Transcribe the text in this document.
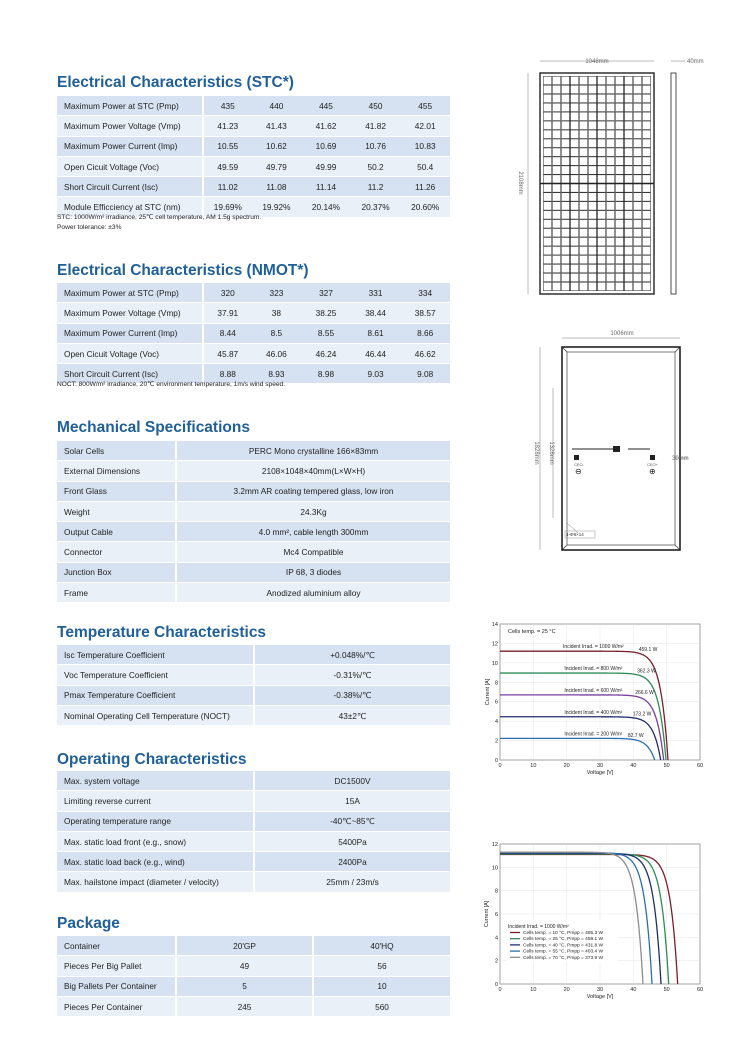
Electrical Characteristics (STC*)
Maximum Power at STC (Pmp)	435	440	445	450	455
Maximum Power Voltage (Vmp)	41.23	41.43	41.62	41.82	42.01
Maximum Power Current (Imp)	10.55	10.62	10.69	10.76	10.83
Open Cicuit Voltage (Voc)	49.59	49.79	49.99	50.2	50.4
Short Circuit Current (Isc)	11.02	11.08	11.14	11.2	11.26
Module Efficciency at STC (nm)	19.69%	19.92%	20.14%	20.37%	20.60%

STC: 1000W/m² irradiance, 25℃ cell temperature, AM 1.5g spectrum.

Power tolerance: ±3%

Electrical Characteristics (NMOT*)
Maximum Power at STC (Pmp)	320	323	327	331	334
Maximum Power Voltage (Vmp)	37.91	38	38.25	38.44	38.57
Maximum Power Current (Imp)	8.44	8.5	8.55	8.61	8.66
Open Cicuit Voltage (Voc)	45.87	46.06	46.24	46.44	46.62
Short Circuit Current (Isc)	8.88	8.93	8.98	9.03	9.08

NOCT: 800W/m² irradiance, 20℃ environment temperature, 1m/s wind speed.

Mechanical Specifications
Solar Cells	PERC Mono crystalline 166×83mm
External Dimensions	2108×1048×40mm(L×W×H)
Front Glass	3.2mm AR coating tempered glass, low iron
Weight	24.3Kg
Output Cable	4.0 mm², cable length 300mm
Connector	Mc4 Compatible
Junction Box	IP 68, 3 diodes
Frame	Anodized aluminium alloy
Temperature Characteristics
Isc Temperature Coefficient	+0.048%/℃
Voc Temperature Coefficient	-0.31%/℃
Pmax Temperature Coefficient	-0.38%/℃
Nominal Operating Cell Temperature (NOCT)	43±2℃
Operating Characteristics
Max. system voltage	DC1500V
Limiting reverse current	15A
Operating temperature range	-40℃~85℃
Max. static load front (e.g., snow)	5400Pa
Max. static load back (e.g., wind)	2400Pa
Max. hailstone impact (diameter / velocity)	25mm / 23m/s
Package
Container	20'GP	40'HQ
Pieces Per Big Pallet	49	56
Big Pallets Per Container	5	10
Pieces Per Container	245	560
1048mm	40mm
2108mm
1006mm
1828mm 1328mm	CEO-	CEO+
⊖	⊕
30mm
4-Φ8×14
0	10	20	30	40	50	60
0
2
4
6
8
10
12
14
Incident Irrad. = 1000 W/m²	459.1 W
Incident Irrad. = 800 W/m²	362.3 W
Incident Irrad. = 600 W/m²	266.6 W
Incident Irrad. = 400 W/m² 173.2 W
Incident Irrad. = 200 W/m² 82.7 W
Voltage [V]
Current [A]
Cells temp. = 25 °C
0	10	20	30	40	50	60
0
2
4
6
8
10
12
Incident Irrad. = 1000 W/m²
Cells temp. = 10 °C, Pmpp = 485.3 W
Cells temp. = 25 °C, Pmpp = 459.1 W
Cells temp. = 40 °C, Pmpp = 431.8 W
Cells temp. = 55 °C, Pmpp = 403.4 W
Cells temp. = 70 °C, Pmpp = 373.9 W
Voltage [V]
Current [A]
